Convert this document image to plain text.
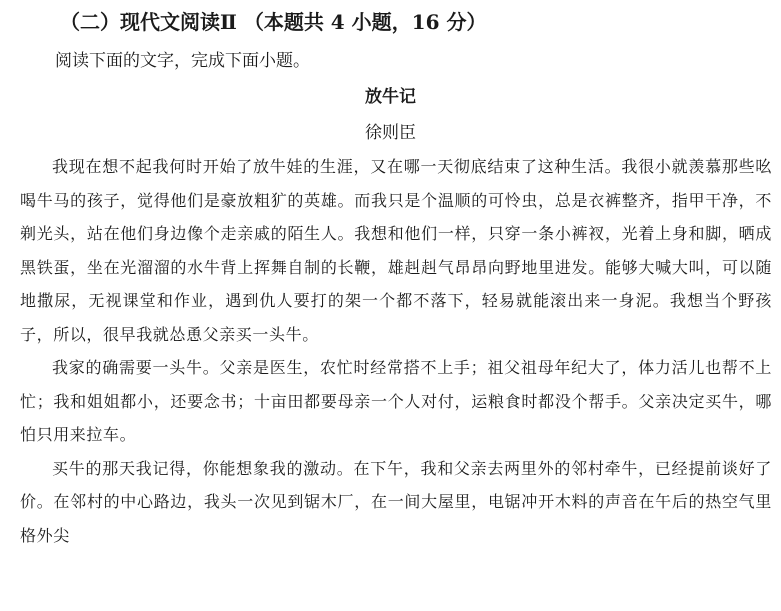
（二）现代文阅读Ⅱ （本题共 4 小题，16 分）
阅读下面的文字，完成下面小题。
放牛记
徐则臣

我现在想不起我何时开始了放牛娃的生涯，又在哪一天彻底结束了这种生活。我很小就羡慕那些吆喝牛马的孩子，觉得他们是豪放粗犷的英雄。而我只是个温顺的可怜虫，总是衣裤整齐，指甲干净，不剃光头，站在他们身边像个走亲戚的陌生人。我想和他们一样，只穿一条小裤衩，光着上身和脚，晒成黑铁蛋，坐在光溜溜的水牛背上挥舞自制的长鞭，雄赳赳气昂昂向野地里进发。能够大喊大叫，可以随地撒尿，无视课堂和作业，遇到仇人要打的架一个都不落下，轻易就能滚出来一身泥。我想当个野孩子，所以，很早我就怂恿父亲买一头牛。

我家的确需要一头牛。父亲是医生，农忙时经常搭不上手；祖父祖母年纪大了，体力活儿也帮不上忙；我和姐姐都小，还要念书；十亩田都要母亲一个人对付，运粮食时都没个帮手。父亲决定买牛，哪怕只用来拉车。

买牛的那天我记得，你能想象我的激动。在下午，我和父亲去两里外的邻村牵牛，已经提前谈好了价。在邻村的中心路边，我头一次见到锯木厂，在一间大屋里，电锯冲开木料的声音在午后的热空气里格外尖
